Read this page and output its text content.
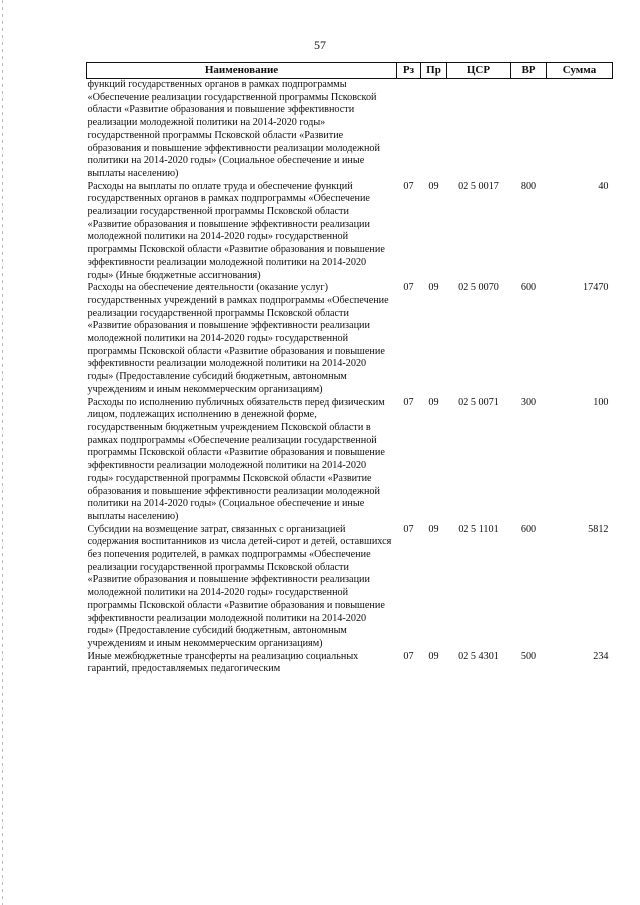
57
Наименование	Рз	Пр	ЦСР	ВР	Сумма
функций государственных органов в рамках подпрограммы «Обеспечение реализации государственной программы Псковской области «Развитие образования и повышение эффективности реализации молодежной политики на 2014-2020 годы» государственной программы Псковской области «Развитие образования и повышение эффективности реализации молодежной политики на 2014-2020 годы» (Социальное обеспечение и иные выплаты населению)					
Расходы на выплаты по оплате труда и обеспечение функций государственных органов в рамках подпрограммы «Обеспечение реализации государственной программы Псковской области «Развитие образования и повышение эффективности реализации молодежной политики на 2014-2020 годы» государственной программы Псковской области «Развитие образования и повышение эффективности реализации молодежной политики на 2014-2020 годы» (Иные бюджетные ассигнования)	07	09	02 5 0017	800	40
Расходы на обеспечение деятельности (оказание услуг) государственных учреждений в рамках подпрограммы «Обеспечение реализации государственной программы Псковской области «Развитие образования и повышение эффективности реализации молодежной политики на 2014-2020 годы» государственной программы Псковской области «Развитие образования и повышение эффективности реализации молодежной политики на 2014-2020 годы» (Предоставление субсидий бюджетным, автономным учреждениям и иным некоммерческим организациям)	07	09	02 5 0070	600	17470
Расходы по исполнению публичных обязательств перед физическим лицом, подлежащих исполнению в денежной форме, государственным бюджетным учреждением Псковской области в рамках подпрограммы «Обеспечение реализации государственной программы Псковской области «Развитие образования и повышение эффективности реализации молодежной политики на 2014-2020 годы» государственной программы Псковской области «Развитие образования и повышение эффективности реализации молодежной политики на 2014-2020 годы» (Социальное обеспечение и иные выплаты населению)	07	09	02 5 0071	300	100
Субсидии на возмещение затрат, связанных с организацией содержания воспитанников из числа детей-сирот и детей, оставшихся без попечения родителей, в рамках подпрограммы «Обеспечение реализации государственной программы Псковской области «Развитие образования и повышение эффективности реализации молодежной политики на 2014-2020 годы» государственной программы Псковской области «Развитие образования и повышение эффективности реализации молодежной политики на 2014-2020 годы» (Предоставление субсидий бюджетным, автономным учреждениям и иным некоммерческим организациям)	07	09	02 5 1101	600	5812
Иные межбюджетные трансферты на реализацию социальных гарантий, предоставляемых педагогическим	07	09	02 5 4301	500	234
